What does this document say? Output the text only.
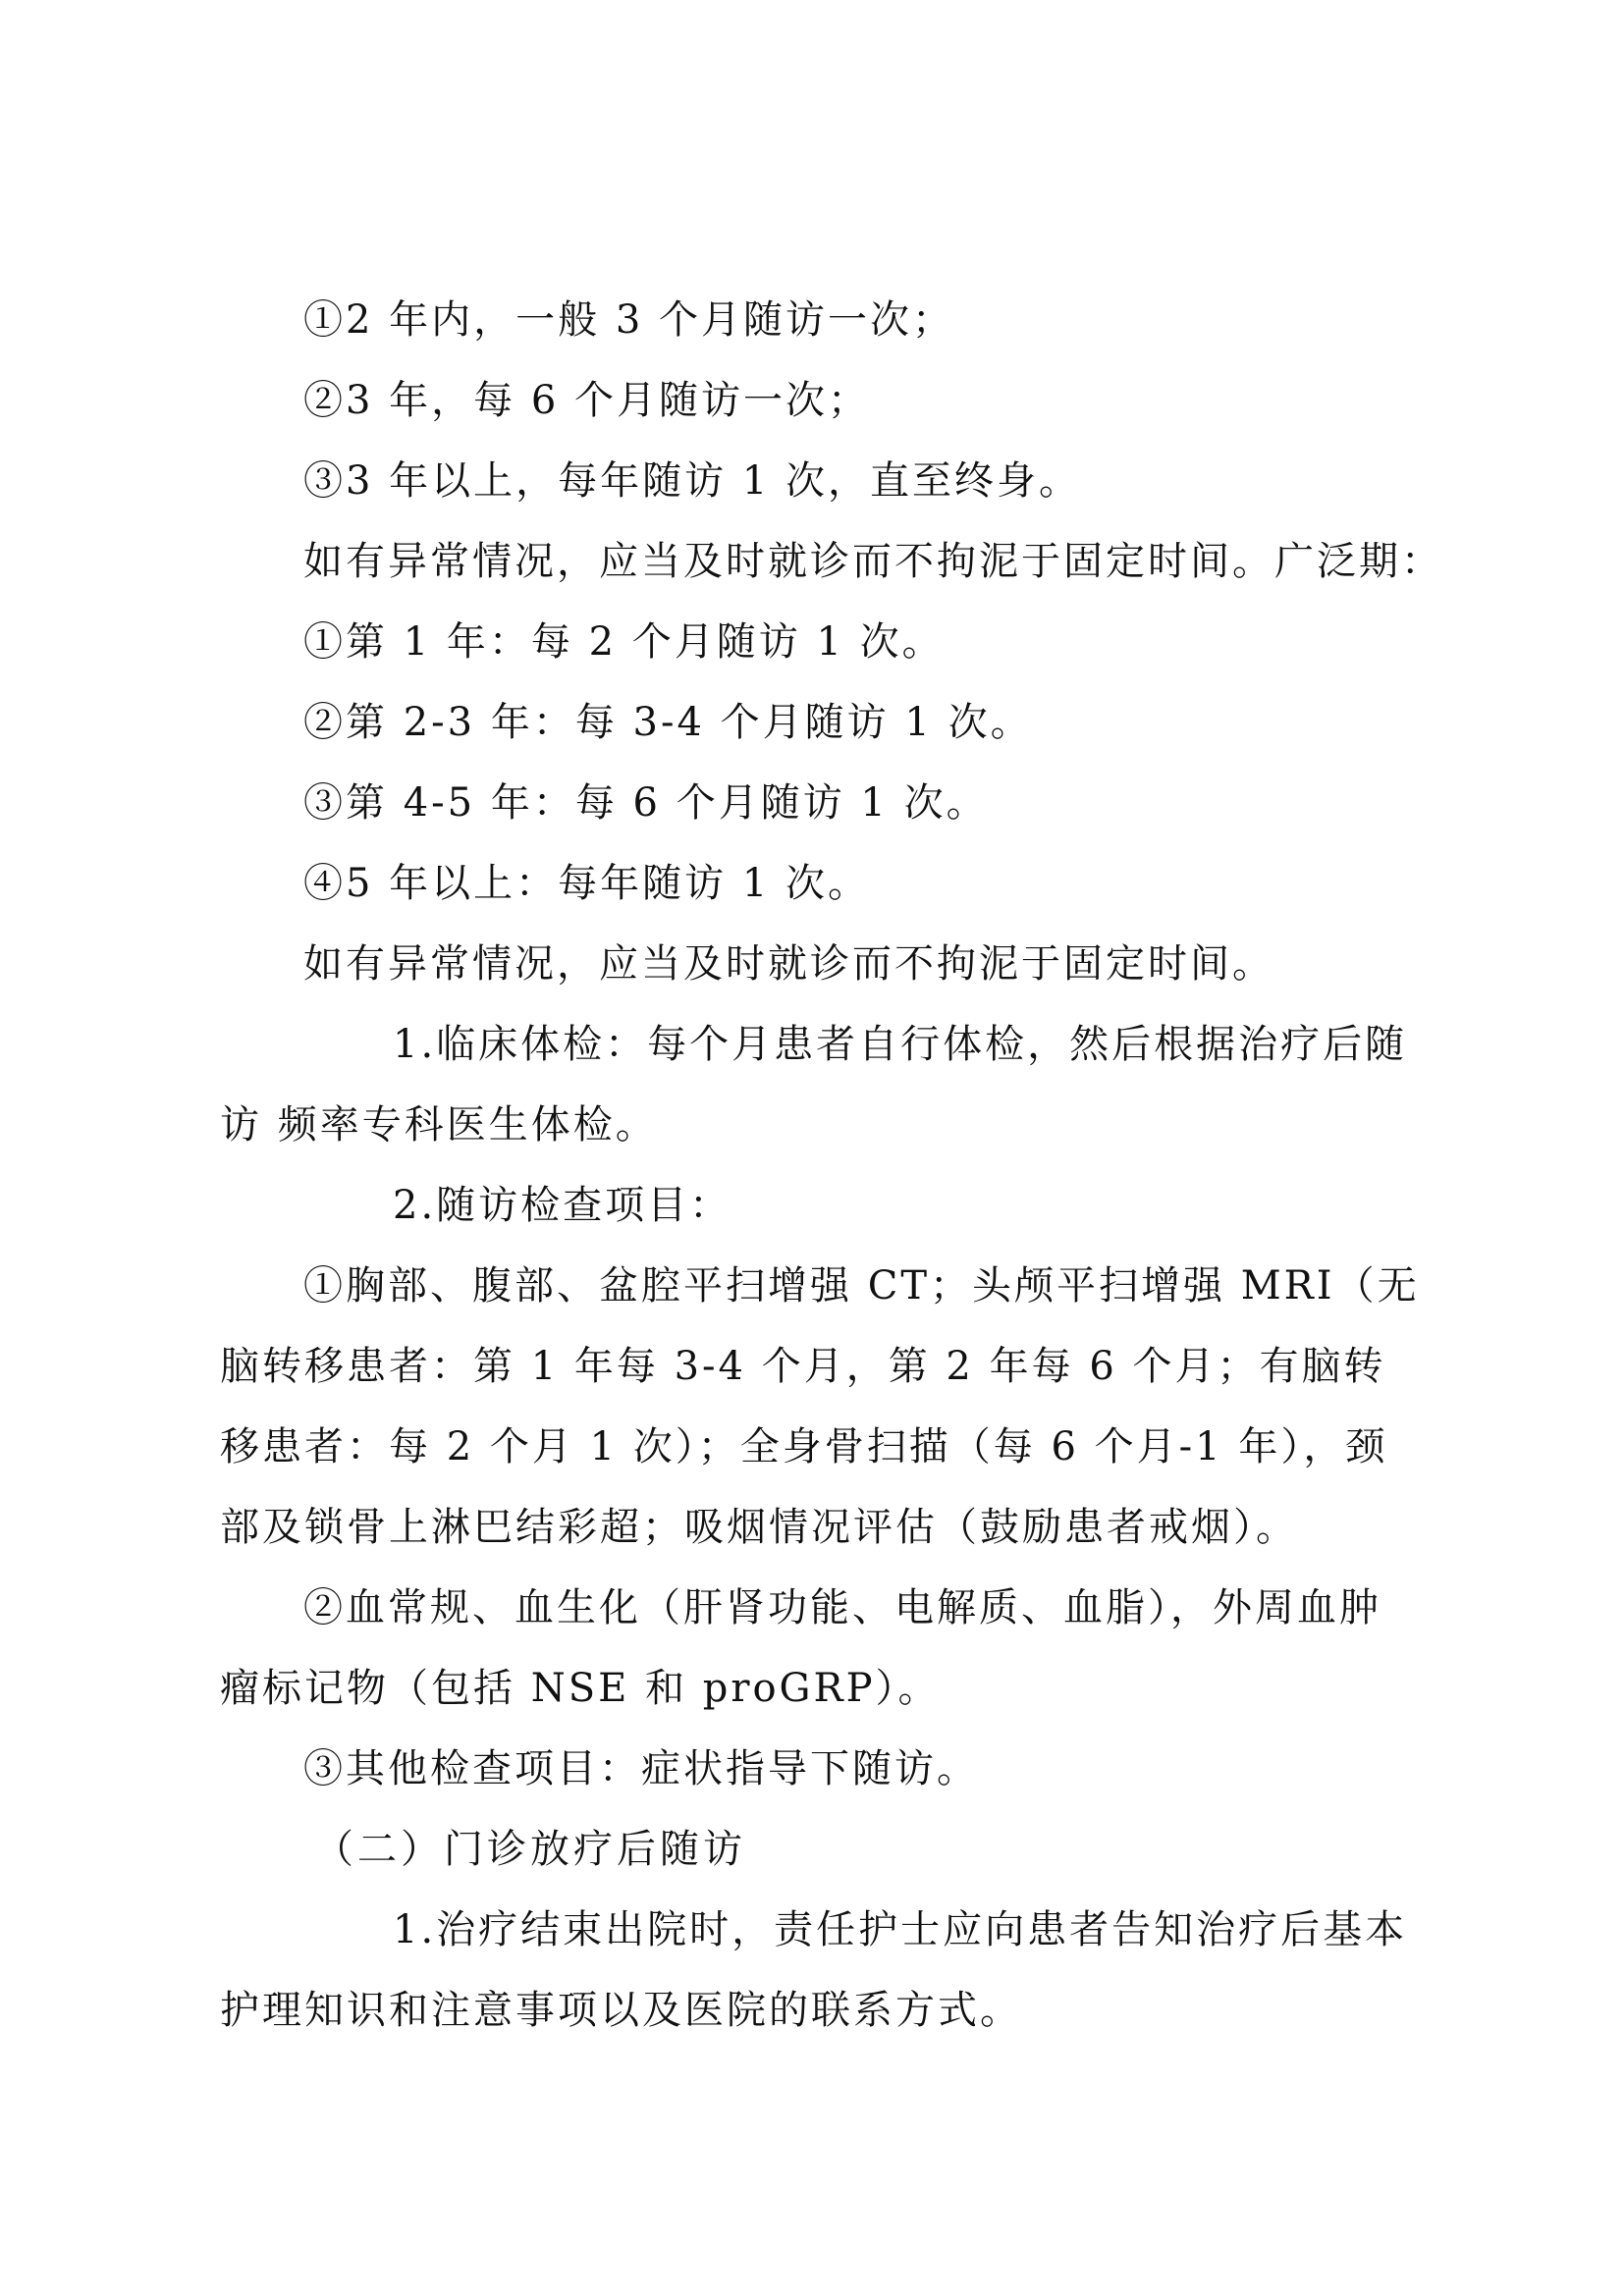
①2 年内，一般 3 个月随访一次；
②3 年，每 6 个月随访一次；
③3 年以上，每年随访 1 次，直至终身。
如有异常情况，应当及时就诊而不拘泥于固定时间。广泛期：
①第 1 年：每 2 个月随访 1 次。
②第 2-3 年：每 3-4 个月随访 1 次。
③第 4-5 年：每 6 个月随访 1 次。
④5 年以上：每年随访 1 次。
如有异常情况，应当及时就诊而不拘泥于固定时间。
1.临床体检：每个月患者自行体检，然后根据治疗后随
访 频率专科医生体检。
2.随访检查项目：
①胸部、腹部、盆腔平扫增强 CT；头颅平扫增强 MRI（无
脑转移患者：第 1 年每 3-4 个月，第 2 年每 6 个月；有脑转
移患者：每 2 个月 1 次）；全身骨扫描（每 6 个月-1 年），颈
部及锁骨上淋巴结彩超；吸烟情况评估（鼓励患者戒烟）。
②血常规、血生化（肝肾功能、电解质、血脂），外周血肿
瘤标记物（包括 NSE 和 proGRP）。
③其他检查项目：症状指导下随访。
（二）门诊放疗后随访
1.治疗结束出院时，责任护士应向患者告知治疗后基本
护理知识和注意事项以及医院的联系方式。
